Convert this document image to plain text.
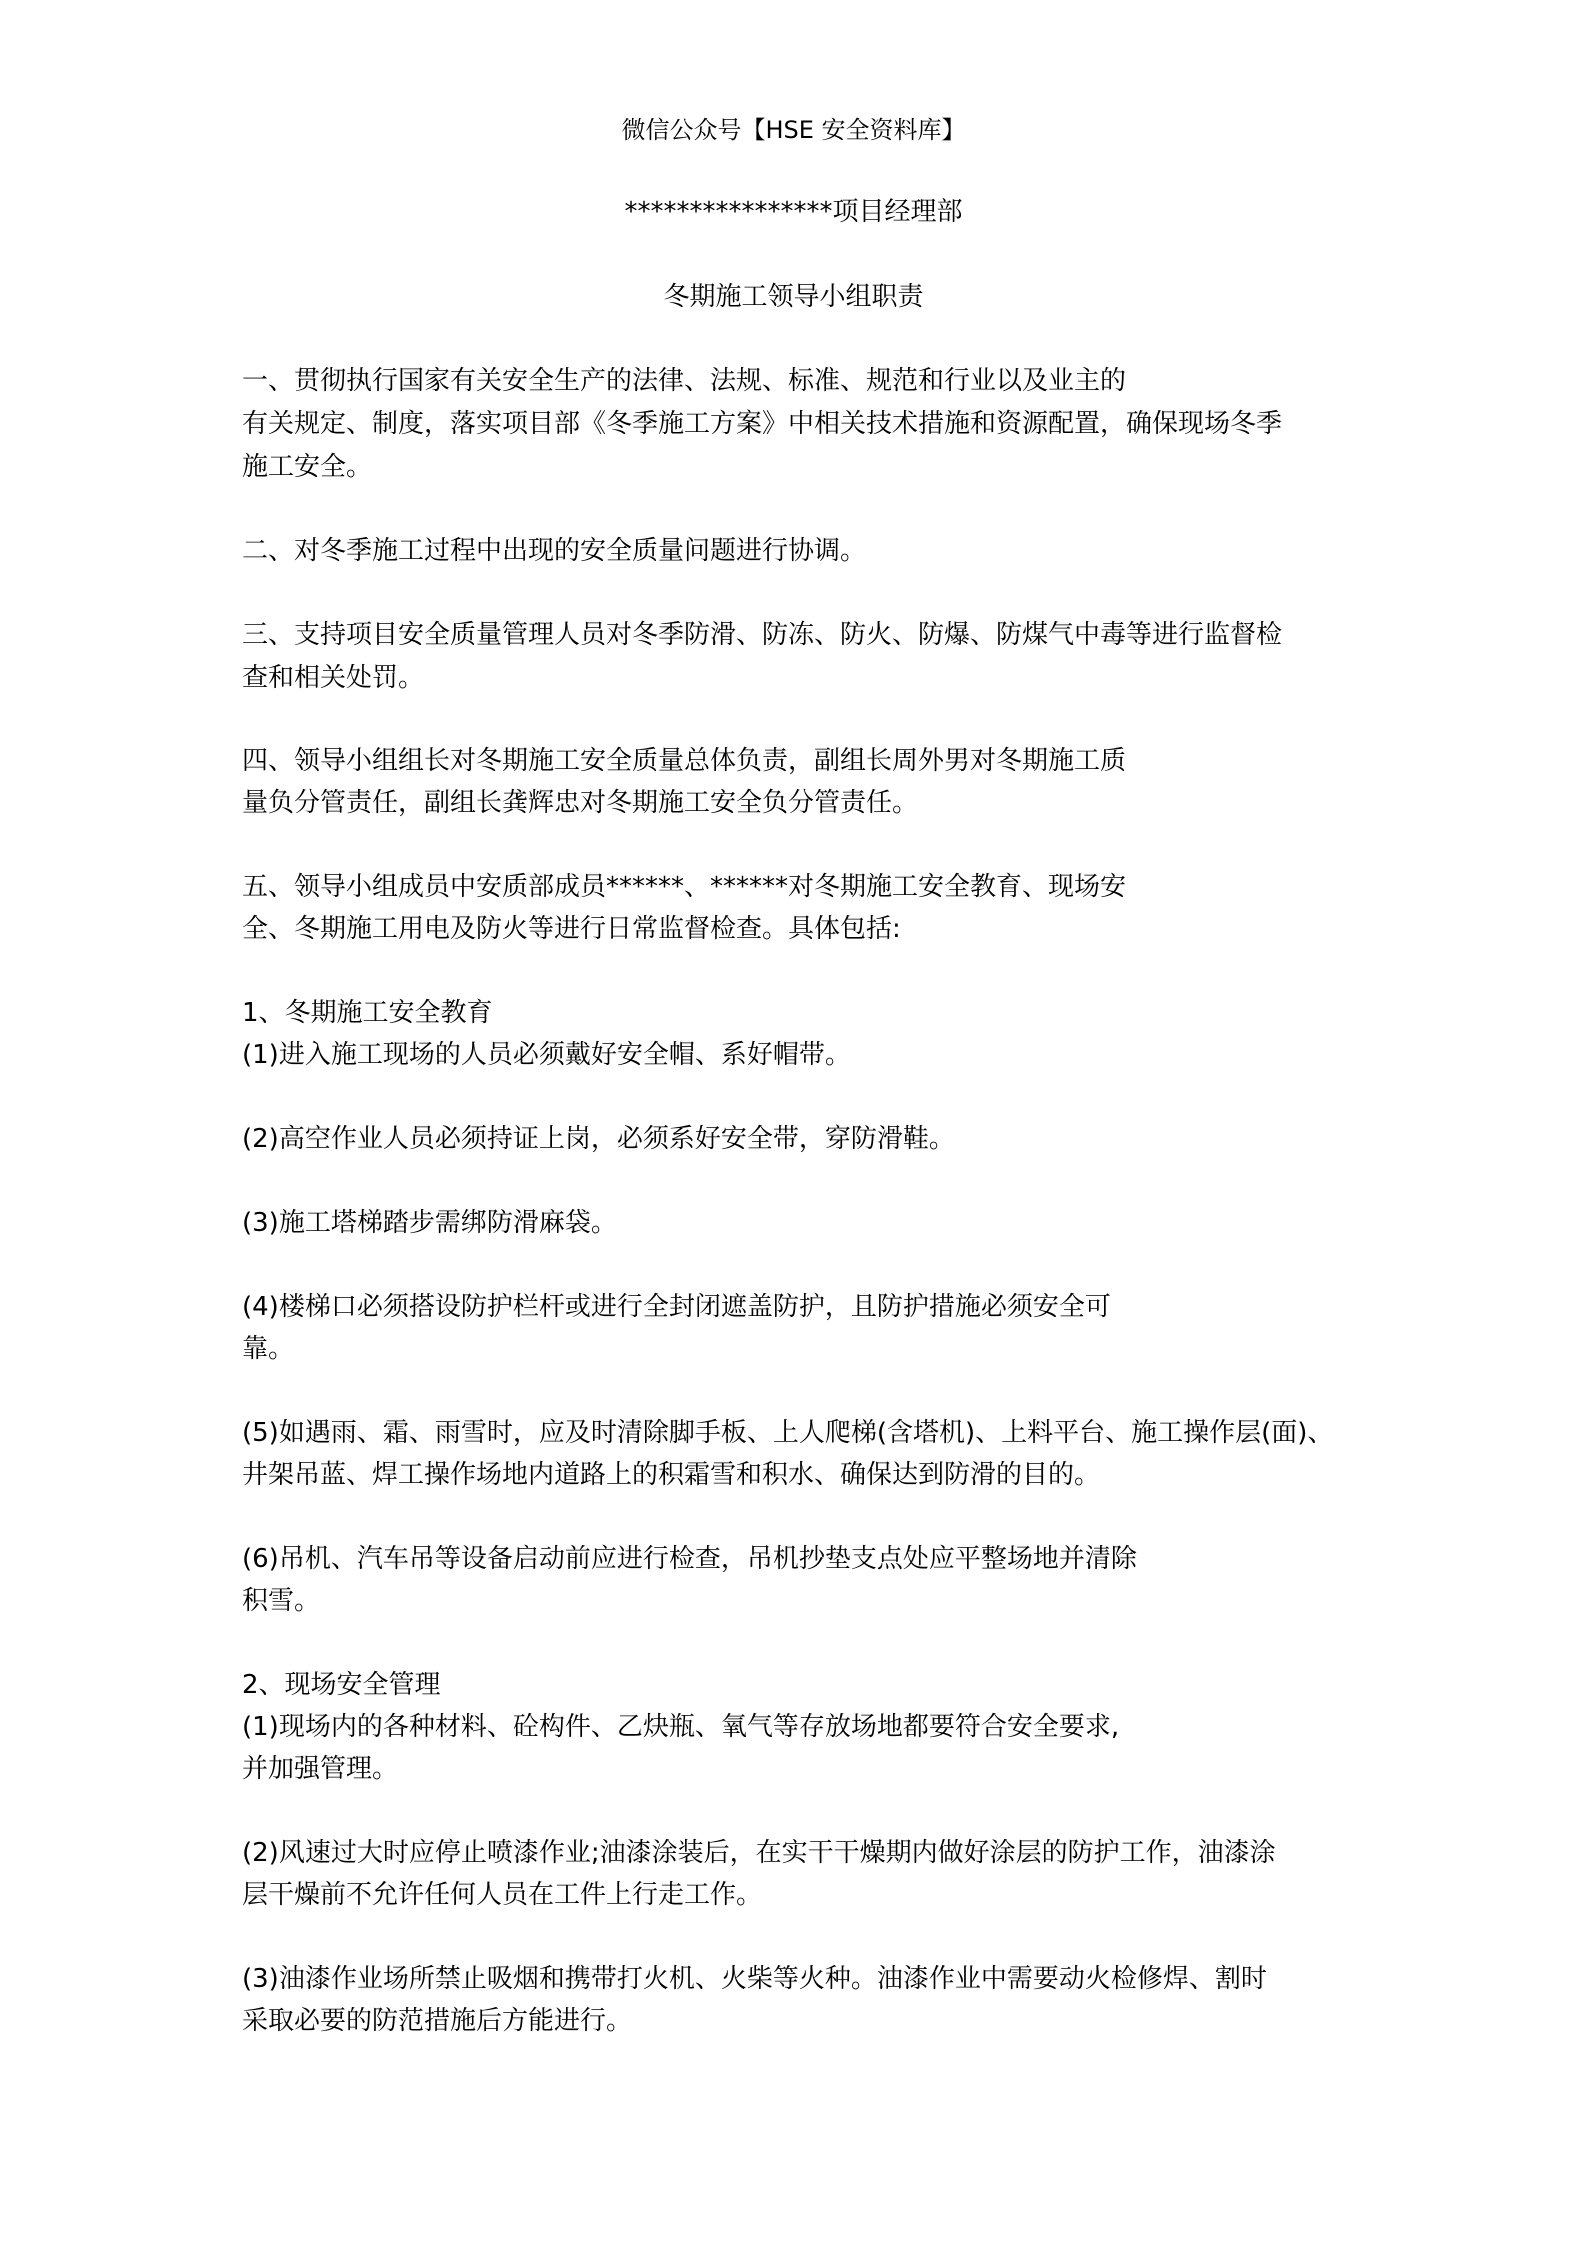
微信公众号【HSE 安全资料库】
****************项目经理部
冬期施工领导小组职责
一、贯彻执行国家有关安全生产的法律、法规、标准、规范和行业以及业主的
有关规定、制度，落实项目部《冬季施工方案》中相关技术措施和资源配置，确保现场冬季
施工安全。
二、对冬季施工过程中出现的安全质量问题进行协调。
三、支持项目安全质量管理人员对冬季防滑、防冻、防火、防爆、防煤气中毒等进行监督检
查和相关处罚。
四、领导小组组长对冬期施工安全质量总体负责，副组长周外男对冬期施工质
量负分管责任，副组长龚辉忠对冬期施工安全负分管责任。
五、领导小组成员中安质部成员******、******对冬期施工安全教育、现场安
全、冬期施工用电及防火等进行日常监督检查。具体包括:
1、冬期施工安全教育
(1)进入施工现场的人员必须戴好安全帽、系好帽带。
(2)高空作业人员必须持证上岗，必须系好安全带，穿防滑鞋。
(3)施工塔梯踏步需绑防滑麻袋。
(4)楼梯口必须搭设防护栏杆或进行全封闭遮盖防护，且防护措施必须安全可
靠。
(5)如遇雨、霜、雨雪时，应及时清除脚手板、上人爬梯(含塔机)、上料平台、施工操作层(面)、
井架吊蓝、焊工操作场地内道路上的积霜雪和积水、确保达到防滑的目的。
(6)吊机、汽车吊等设备启动前应进行检查，吊机抄垫支点处应平整场地并清除
积雪。
2、现场安全管理
(1)现场内的各种材料、砼构件、乙炔瓶、氧气等存放场地都要符合安全要求,
并加强管理。
(2)风速过大时应停止喷漆作业;油漆涂装后，在实干干燥期内做好涂层的防护工作，油漆涂
层干燥前不允许任何人员在工件上行走工作。
(3)油漆作业场所禁止吸烟和携带打火机、火柴等火种。油漆作业中需要动火检修焊、割时
采取必要的防范措施后方能进行。
